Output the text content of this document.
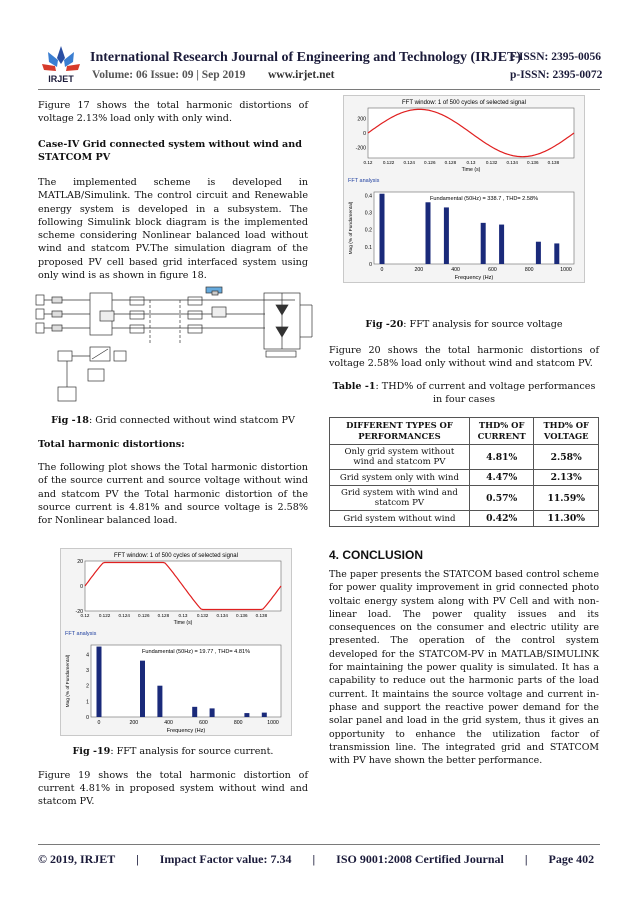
IRJET
International Research Journal of Engineering and Technology (IRJET)
e-ISSN: 2395-0056
Volume: 06 Issue: 09 | Sep 2019 www.irjet.net	p-ISSN: 2395-0072
Figure 17 shows the total harmonic distortions of voltage 2.13% load only with only wind.
Case-IV Grid connected system without wind and STATCOM PV
The implemented scheme is developed in MATLAB/Simulink. The control circuit and Renewable energy system is developed in a subsystem. The following Simulink block diagram is the implemented scheme considering Nonlinear balanced load without wind and statcom PV.The simulation diagram of the proposed PV cell based grid interfaced system using only wind is as shown in figure 18.
Fig -18: Grid connected without wind statcom PV
Total harmonic distortions:
The following plot shows the Total harmonic distortion of the source current and source voltage without wind and statcom PV the Total harmonic distortion of the source current is 4.81% and source voltage is 2.58% for Nonlinear balanced load.
FFT window: 1 of 500 cycles of selected signal
20
0
-20
0.12 0.122 0.124 0.126 0.128 0.13 0.132 0.134 0.136 0.138
Time (s)
FFT analysis
Fundamental (50Hz) = 19.77 , THD= 4.81%
0
1
2
3
4
0	200	400	600	800	1000
Frequency (Hz)
Mag (% of Fundamental)
Fig -19: FFT analysis for source current.
Figure 19 shows the total harmonic distortion of current 4.81% in proposed system without wind and statcom PV.
FFT window: 1 of 500 cycles of selected signal
200
0
-200
0.12 0.122 0.124 0.126 0.128 0.13 0.132 0.134 0.136 0.138
Time (s)
FFT analysis
Fundamental (50Hz) = 338.7 , THD= 2.58%
0
0.1
0.2
0.3
0.4
0	200	400	600	800	1000
Frequency (Hz)
Mag (% of Fundamental)
Fig -20: FFT analysis for source voltage
Figure 20 shows the total harmonic distortions of voltage 2.58% load only without wind and statcom PV.
Table -1: THD% of current and voltage performances in four cases
DIFFERENT TYPES OF PERFORMANCES	THD% OF CURRENT	THD% OF VOLTAGE
Only grid system without wind and statcom PV	4.81%	2.58%
Grid system only with wind	4.47%	2.13%
Grid system with wind and statcom PV	0.57%	11.59%
Grid system without wind	0.42%	11.30%
4. CONCLUSION
The paper presents the STATCOM based control scheme for power quality improvement in grid connected photo voltaic energy system along with PV Cell and with non-linear load. The power quality issues and its consequences on the consumer and electric utility are presented. The operation of the control system developed for the STATCOM-PV in MATLAB/SIMULINK for maintaining the power quality is simulated. It has a capability to reduce out the harmonic parts of the load current. It maintains the source voltage and current in-phase and support the reactive power demand for the solar panel and load in the grid system, thus it gives an opportunity to enhance the utilization factor of transmission line. The integrated grid and STATCOM with PV have shown the better performance.
© 2019, IRJET | Impact Factor value: 7.34 | ISO 9001:2008 Certified Journal | Page 402
